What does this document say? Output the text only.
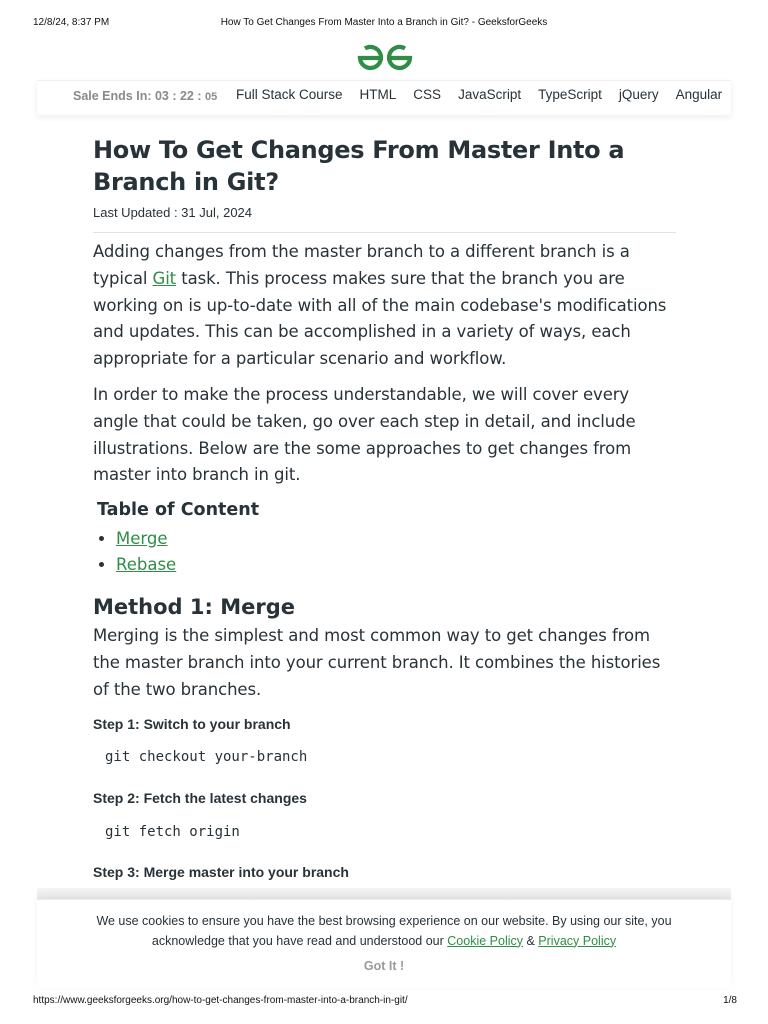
12/8/24, 8:37 PM	How To Get Changes From Master Into a Branch in Git? - GeeksforGeeks
Sale Ends In: 03 : 22 : 05 Full Stack Course HTML CSS JavaScript TypeScript jQuery Angular
How To Get Changes From Master Into a Branch in Git?
Last Updated : 31 Jul, 2024

Adding changes from the master branch to a different branch is a typical Git task. This process makes sure that the branch you are working on is up-to-date with all of the main codebase's modifications and updates. This can be accomplished in a variety of ways, each appropriate for a particular scenario and workflow.

In order to make the process understandable, we will cover every angle that could be taken, go over each step in detail, and include illustrations. Below are the some approaches to get changes from master into branch in git.

Table of Content
• Merge
• Rebase
Method 1: Merge

Merging is the simplest and most common way to get changes from the master branch into your current branch. It combines the histories of the two branches.

Step 1: Switch to your branch
git checkout your-branch
Step 2: Fetch the latest changes
git fetch origin
Step 3: Merge master into your branch
We use cookies to ensure you have the best browsing experience on our website. By using our site, you acknowledge that you have read and understood our Cookie Policy & Privacy Policy
Got It !
https://www.geeksforgeeks.org/how-to-get-changes-from-master-into-a-branch-in-git/	1/8
